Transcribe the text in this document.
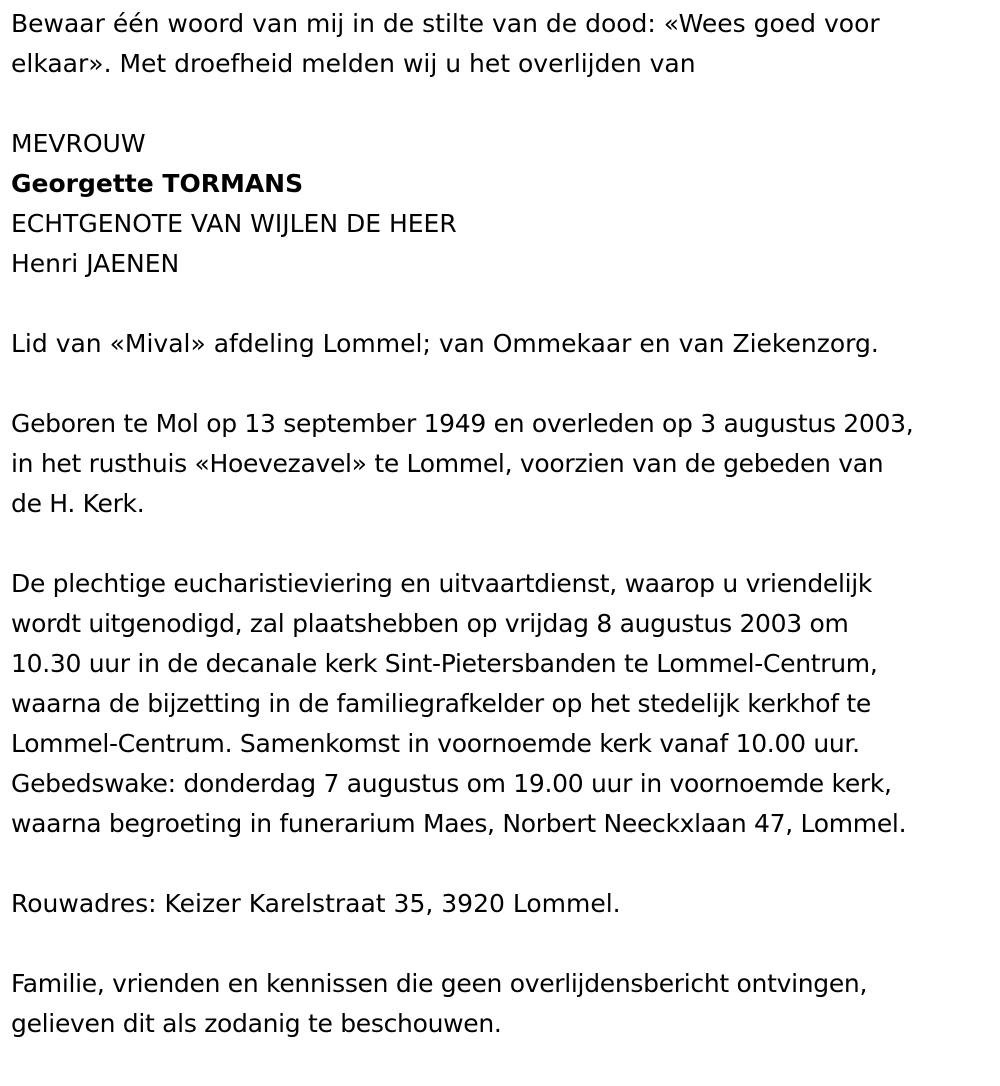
Bewaar één woord van mij in de stilte van de dood: «Wees goed voor
elkaar». Met droefheid melden wij u het overlijden van

MEVROUW

Georgette TORMANS

ECHTGENOTE VAN WIJLEN DE HEER

Henri JAENEN

Lid van «Mival» afdeling Lommel; van Ommekaar en van Ziekenzorg.

Geboren te Mol op 13 september 1949 en overleden op 3 augustus 2003,
in het rusthuis «Hoevezavel» te Lommel, voorzien van de gebeden van
de H. Kerk.

De plechtige eucharistieviering en uitvaartdienst, waarop u vriendelijk
wordt uitgenodigd, zal plaatshebben op vrijdag 8 augustus 2003 om
10.30 uur in de decanale kerk Sint-Pietersbanden te Lommel-Centrum,
waarna de bijzetting in de familiegrafkelder op het stedelijk kerkhof te
Lommel-Centrum. Samenkomst in voornoemde kerk vanaf 10.00 uur.
Gebedswake: donderdag 7 augustus om 19.00 uur in voornoemde kerk,
waarna begroeting in funerarium Maes, Norbert Neeckxlaan 47, Lommel.

Rouwadres: Keizer Karelstraat 35, 3920 Lommel.

Familie, vrienden en kennissen die geen overlijdensbericht ontvingen,
gelieven dit als zodanig te beschouwen.
